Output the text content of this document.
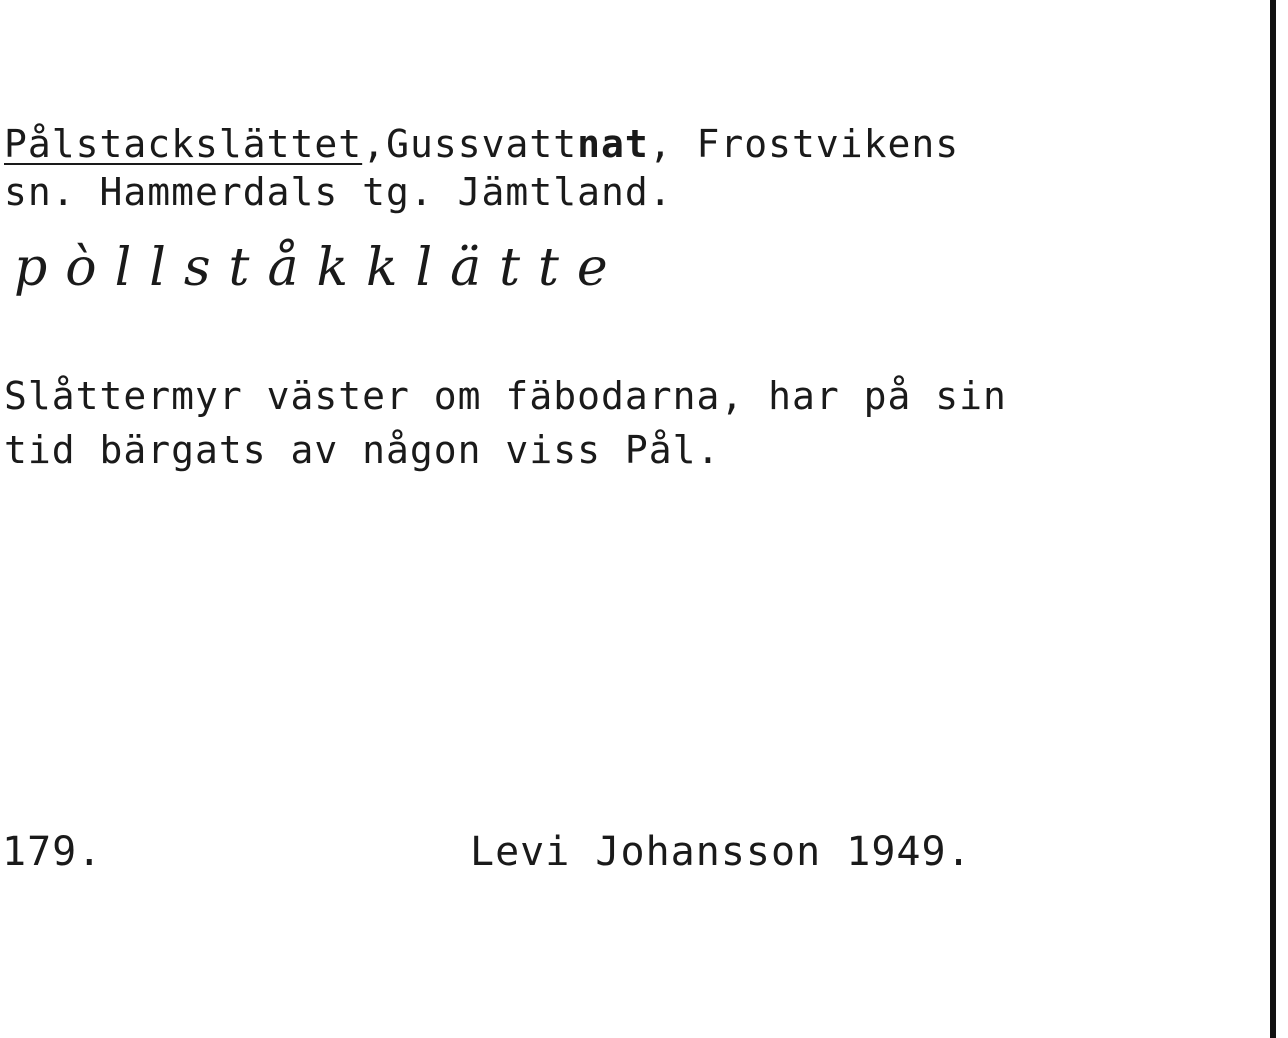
Pålstackslättet,Gussvattnat, Frostvikens

sn. Hammerdals tg. Jämtland.

pòllståkklätte

Slåttermyr väster om fäbodarna, har på sin

tid bärgats av någon viss Pål.

179.	Levi Johansson 1949.
